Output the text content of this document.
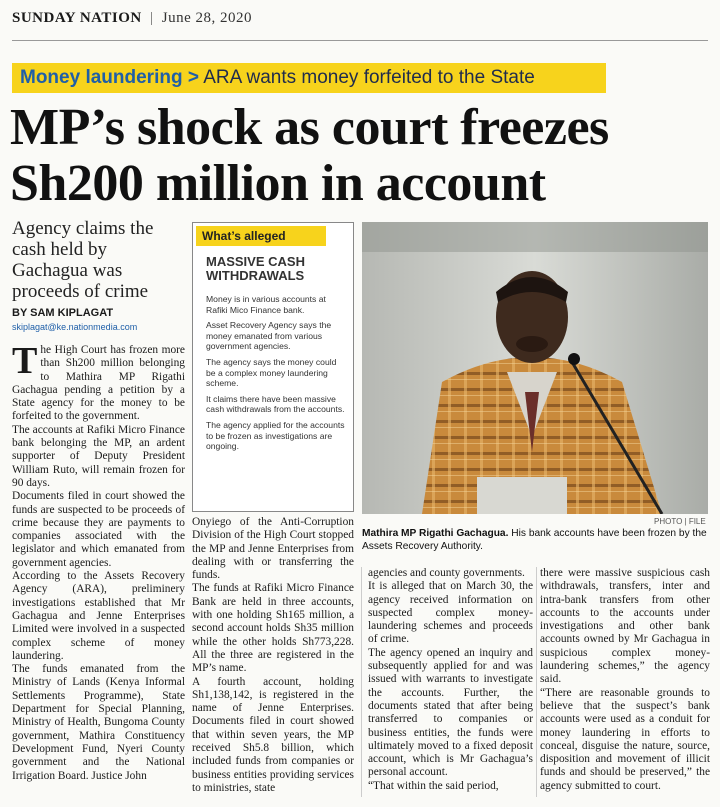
SUNDAY NATION | June 28, 2020
Money laundering > ARA wants money forfeited to the State
MP’s shock as court freezes
Sh200 million in account
Agency claims the cash held by Gachagua was proceeds of crime
BY SAM KIPLAGAT
skiplagat@ke.nationmedia.com

The High Court has frozen more than Sh200 million belonging to Mathira MP Rigathi Gachagua pending a petition by a State agency for the money to be forfeited to the government.

The accounts at Rafiki Micro Finance bank belonging the MP, an ardent supporter of Deputy President William Ruto, will remain frozen for 90 days.

Documents filed in court showed the funds are suspected to be proceeds of crime because they are payments to companies associated with the legislator and which emanated from government agencies.

According to the Assets Recovery Agency (ARA), preliminery investigations established that Mr Gachagua and Jenne Enterprises Limited were involved in a suspected complex scheme of money laundering.

The funds emanated from the Ministry of Lands (Kenya Informal Settlements Programme), State Department for Special Planning, Ministry of Health, Bungoma County government, Mathira Constituency Development Fund, Nyeri County government and the National Irrigation Board. Justice John

What’s alleged
MASSIVE CASH WITHDRAWALS

Money is in various accounts at Rafiki Mico Finance bank.

Asset Recovery Agency says the money emanated from various government agencies.

The agency says the money could be a complex money laundering scheme.

It claims there have been massive cash withdrawals from the accounts.

The agency applied for the accounts to be frozen as investigations are ongoing.

PHOTO | FILE
Mathira MP Rigathi Gachagua. His bank accounts have been frozen by the Assets Recovery Authority.

Onyiego of the Anti-Corruption Division of the High Court stopped the MP and Jenne Enterprises from dealing with or transferring the funds.

The funds at Rafiki Micro Finance Bank are held in three accounts, with one holding Sh165 million, a second account holds Sh35 million while the other holds Sh773,228. All the three are registered in the MP’s name.

A fourth account, holding Sh1,138,142, is registered in the name of Jenne Enterprises. Documents filed in court showed that within seven years, the MP received Sh5.8 billion, which included funds from companies or business entities providing services to ministries, state

agencies and county governments.

It is alleged that on March 30, the agency received information on suspected complex money-laundering schemes and proceeds of crime.

The agency opened an inquiry and subsequently applied for and was issued with warrants to investigate the accounts. Further, the documents stated that after being transferred to companies or business entities, the funds were ultimately moved to a fixed deposit account, which is Mr Gachagua’s personal account.

“That within the said period,

there were massive suspicious cash withdrawals, transfers, inter and intra-bank transfers from other accounts to the accounts under investigations and other bank accounts owned by Mr Gachagua in suspicious complex money-laundering schemes,” the agency said.

“There are reasonable grounds to believe that the suspect’s bank accounts were used as a conduit for money laundering in efforts to conceal, disguise the nature, source, disposition and movement of illicit funds and should be preserved,” the agency submitted to court.
